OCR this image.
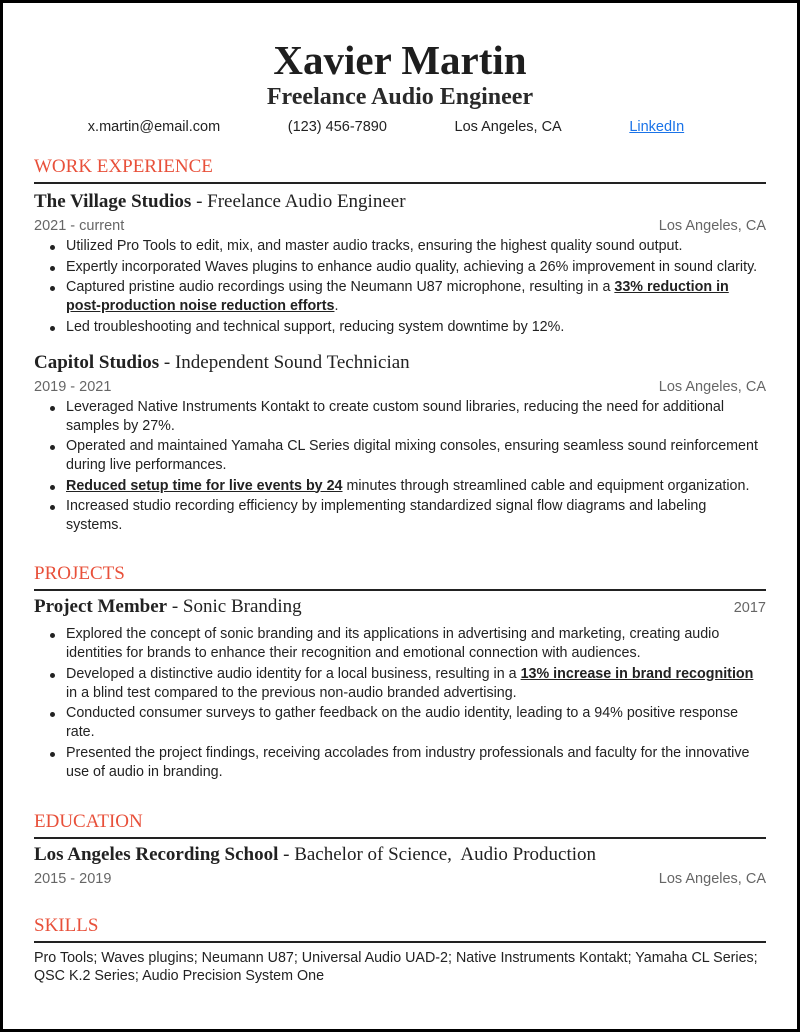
Xavier Martin
Freelance Audio Engineer
x.martin@email.com	(123) 456-7890	Los Angeles, CA	LinkedIn
WORK EXPERIENCE
The Village Studios - Freelance Audio Engineer
2021 - current	Los Angeles, CA
Utilized Pro Tools to edit, mix, and master audio tracks, ensuring the highest quality sound output.
Expertly incorporated Waves plugins to enhance audio quality, achieving a 26% improvement in sound clarity.
Captured pristine audio recordings using the Neumann U87 microphone, resulting in a 33% reduction in post-production noise reduction efforts.
Led troubleshooting and technical support, reducing system downtime by 12%.
Capitol Studios - Independent Sound Technician
2019 - 2021	Los Angeles, CA
Leveraged Native Instruments Kontakt to create custom sound libraries, reducing the need for additional samples by 27%.
Operated and maintained Yamaha CL Series digital mixing consoles, ensuring seamless sound reinforcement during live performances.
Reduced setup time for live events by 24 minutes through streamlined cable and equipment organization.
Increased studio recording efficiency by implementing standardized signal flow diagrams and labeling systems.
PROJECTS
Project Member - Sonic Branding	2017
Explored the concept of sonic branding and its applications in advertising and marketing, creating audio identities for brands to enhance their recognition and emotional connection with audiences.
Developed a distinctive audio identity for a local business, resulting in a 13% increase in brand recognition in a blind test compared to the previous non-audio branded advertising.
Conducted consumer surveys to gather feedback on the audio identity, leading to a 94% positive response rate.
Presented the project findings, receiving accolades from industry professionals and faculty for the innovative use of audio in branding.
EDUCATION
Los Angeles Recording School - Bachelor of Science,  Audio Production
2015 - 2019	Los Angeles, CA
SKILLS
Pro Tools; Waves plugins; Neumann U87; Universal Audio UAD-2; Native Instruments Kontakt; Yamaha CL Series; QSC K.2 Series; Audio Precision System One
